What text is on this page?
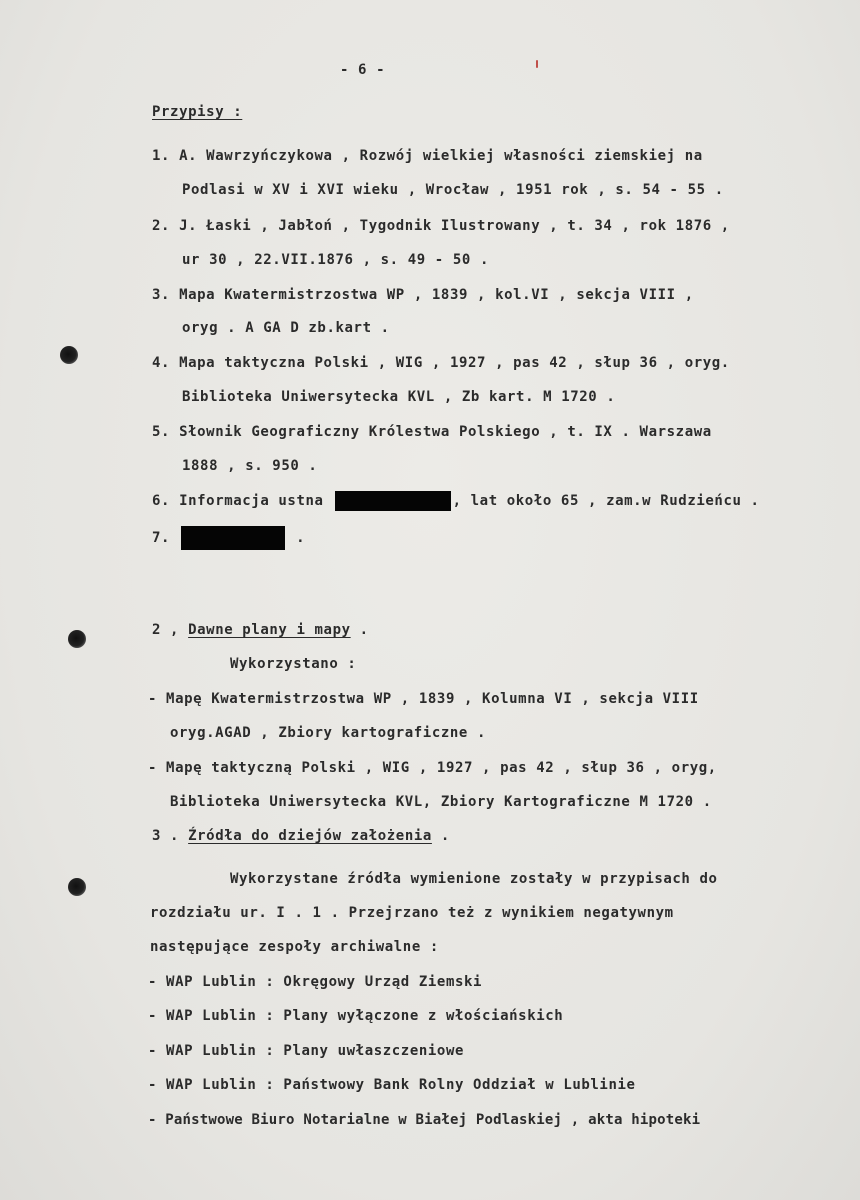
- 6 -
Przypisy :
1. A. Wawrzyńczykowa , Rozwój wielkiej własności ziemskiej na
Podlasi w XV i XVI wieku , Wrocław , 1951 rok , s. 54 - 55 .
2. J. Łaski , Jabłoń , Tygodnik Ilustrowany , t. 34 , rok 1876 ,
ur 30 , 22.VII.1876 , s. 49 - 50 .
3. Mapa Kwatermistrzostwa WP , 1839 , kol.VI , sekcja VIII ,
oryg . A GA D zb.kart .
4. Mapa taktyczna Polski , WIG , 1927 , pas 42 , słup 36 , oryg.
Biblioteka Uniwersytecka KVL , Zb kart. M 1720 .
5. Słownik Geograficzny Królestwa Polskiego , t. IX . Warszawa
1888 , s. 950 .
6. Informacja ustna	, lat około 65 , zam.w Rudzieńcu .
7.	.
2 , Dawne plany i mapy .
Wykorzystano :
- Mapę Kwatermistrzostwa WP , 1839 , Kolumna VI , sekcja VIII
oryg.AGAD , Zbiory kartograficzne .
- Mapę taktyczną Polski , WIG , 1927 , pas 42 , słup 36 , oryg,
Biblioteka Uniwersytecka KVL, Zbiory Kartograficzne M 1720 .
3 . Źródła do dziejów założenia .
Wykorzystane źródła wymienione zostały w przypisach do
rozdziału ur. I . 1 . Przejrzano też z wynikiem negatywnym
następujące zespoły archiwalne :
- WAP Lublin : Okręgowy Urząd Ziemski
- WAP Lublin : Plany wyłączone z włościańskich
- WAP Lublin : Plany uwłaszczeniowe
- WAP Lublin : Państwowy Bank Rolny Oddział w Lublinie
- Państwowe Biuro Notarialne w Białej Podlaskiej , akta hipoteki
